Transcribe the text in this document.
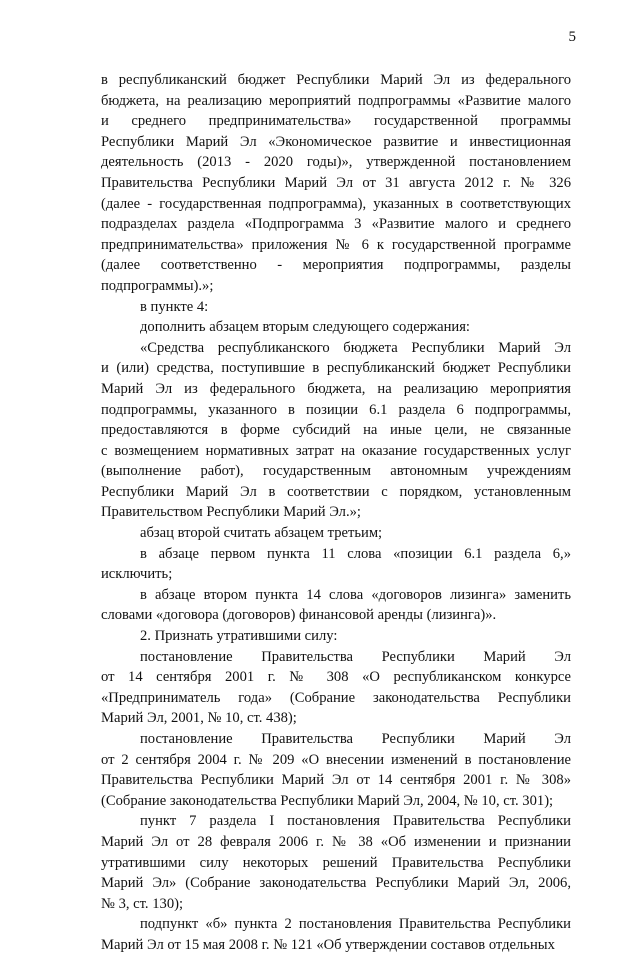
5
в республиканский бюджет Республики Марий Эл из федерального
бюджета, на реализацию мероприятий подпрограммы «Развитие малого
и среднего предпринимательства» государственной программы
Республики Марий Эл «Экономическое развитие и инвестиционная
деятельность (2013 - 2020 годы)», утвержденной постановлением
Правительства Республики Марий Эл от 31 августа 2012 г. № 326
(далее - государственная подпрограмма), указанных в соответствующих
подразделах раздела «Подпрограмма 3 «Развитие малого и среднего
предпринимательства» приложения № 6 к государственной программе
(далее соответственно - мероприятия подпрограммы, разделы
подпрограммы).»;
в пункте 4:
дополнить абзацем вторым следующего содержания:
«Средства республиканского бюджета Республики Марий Эл
и (или) средства, поступившие в республиканский бюджет Республики
Марий Эл из федерального бюджета, на реализацию мероприятия
подпрограммы, указанного в позиции 6.1 раздела 6 подпрограммы,
предоставляются в форме субсидий на иные цели, не связанные
с возмещением нормативных затрат на оказание государственных услуг
(выполнение работ), государственным автономным учреждениям
Республики Марий Эл в соответствии с порядком, установленным
Правительством Республики Марий Эл.»;
абзац второй считать абзацем третьим;
в абзаце первом пункта 11 слова «позиции 6.1 раздела 6,»
исключить;
в абзаце втором пункта 14 слова «договоров лизинга» заменить
словами «договора (договоров) финансовой аренды (лизинга)».
2. Признать утратившими силу:
постановление Правительства Республики Марий Эл
от 14 сентября 2001 г. № 308 «О республиканском конкурсе
«Предприниматель года» (Собрание законодательства Республики
Марий Эл, 2001, № 10, ст. 438);
постановление Правительства Республики Марий Эл
от 2 сентября 2004 г. № 209 «О внесении изменений в постановление
Правительства Республики Марий Эл от 14 сентября 2001 г. № 308»
(Собрание законодательства Республики Марий Эл, 2004, № 10, ст. 301);
пункт 7 раздела I постановления Правительства Республики
Марий Эл от 28 февраля 2006 г. № 38 «Об изменении и признании
утратившими силу некоторых решений Правительства Республики
Марий Эл» (Собрание законодательства Республики Марий Эл, 2006,
№ 3, ст. 130);
подпункт «б» пункта 2 постановления Правительства Республики
Марий Эл от 15 мая 2008 г. № 121 «Об утверждении составов отдельных
